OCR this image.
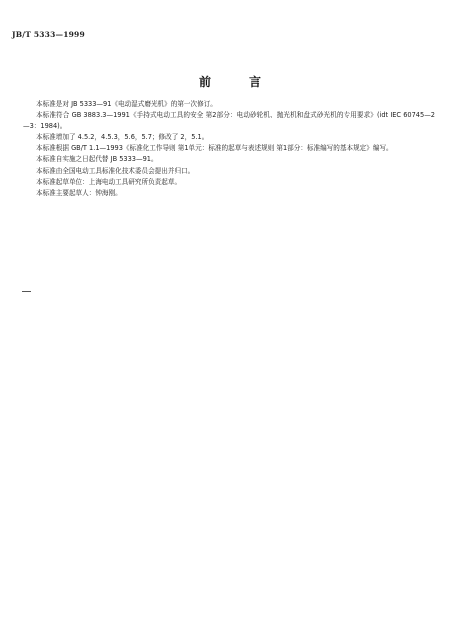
JB/T 5333—1999
前言

本标准是对 JB 5333—91《电动湿式磨光机》的第一次修订。

本标准符合 GB 3883.3—1991《手持式电动工具的安全 第2部分：电动砂轮机、抛光机和盘式砂光机的专用要求》(idt IEC 60745—2—3：1984)。

本标准增加了 4.5.2，4.5.3，5.6，5.7；修改了 2，5.1。

本标准根据 GB/T 1.1—1993《标准化工作导则 第1单元：标准的起草与表述规则 第1部分：标准编写的基本规定》编写。

本标准自实施之日起代替 JB 5333—91。

本标准由全国电动工具标准化技术委员会提出并归口。

本标准起草单位：上海电动工具研究所负责起草。

本标准主要起草人：钟海刚。
